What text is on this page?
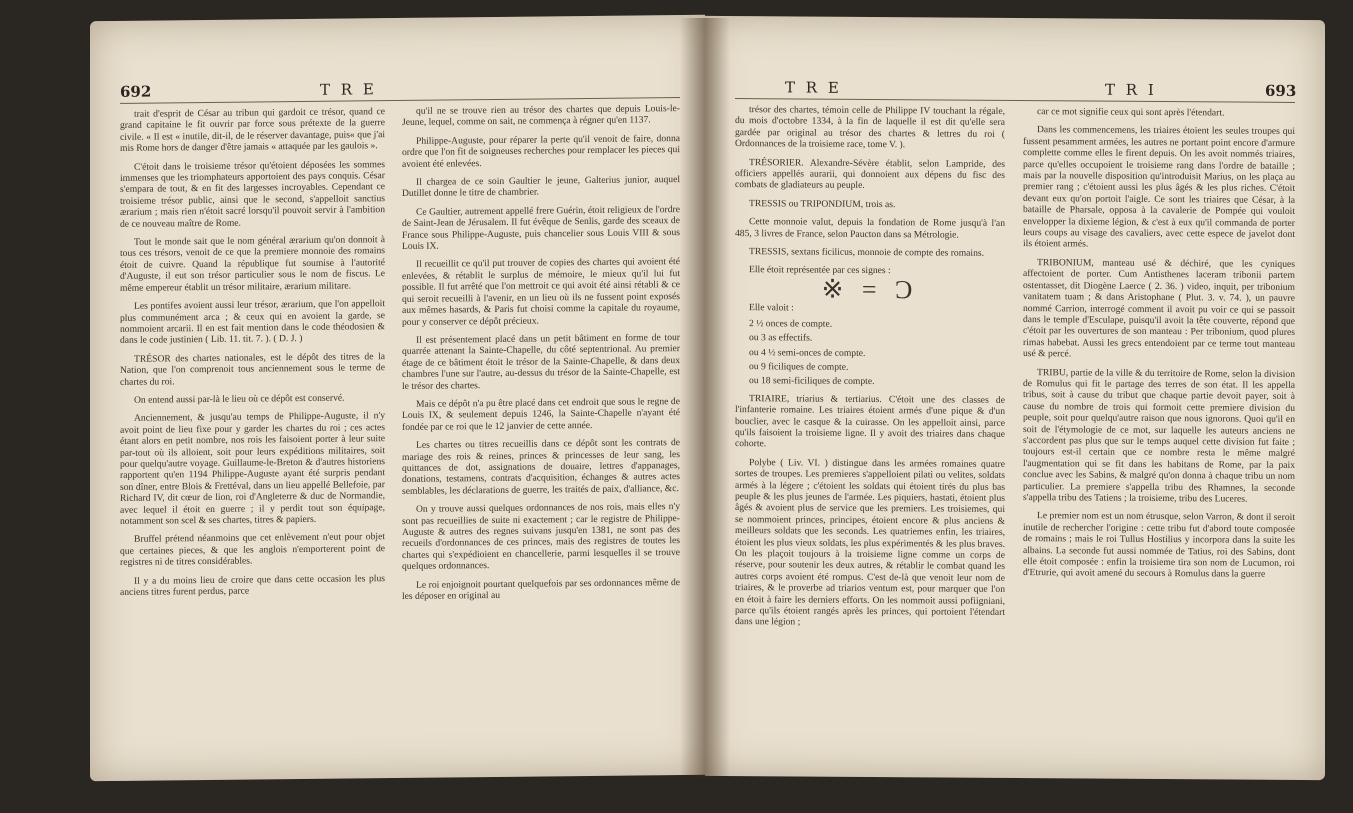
692	T R E

trait d'esprit de César au tribun qui gardoit ce trésor, quand ce grand capitaine le fit ouvrir par force sous prétexte de la guerre civile. « Il est « inutile, dit-il, de le réserver davantage, puis« que j'ai mis Rome hors de danger d'être jamais « attaquée par les gaulois ».

C'étoit dans le troisieme trésor qu'étoient déposées les sommes immenses que les triomphateurs apportoient des pays conquis. César s'empara de tout, & en fit des largesses incroyables. Cependant ce troisieme trésor public, ainsi que le second, s'appelloit sanctius ærarium ; mais rien n'étoit sacré lorsqu'il pouvoit servir à l'ambition de ce nouveau maître de Rome.

Tout le monde sait que le nom général ærarium qu'on donnoit à tous ces trésors, venoit de ce que la premiere monnoie des romains étoit de cuivre. Quand la république fut soumise à l'autorité d'Auguste, il eut son trésor particulier sous le nom de fiscus. Le même empereur établit un trésor militaire, ærarium militare.

Les pontifes avoient aussi leur trésor, ærarium, que l'on appelloit plus communément arca ; & ceux qui en avoient la garde, se nommoient arcarii. Il en est fait mention dans le code théodosien & dans le code justinien ( Lib. 11. tit. 7. ). ( D. J. )

TRÉSOR des chartes nationales, est le dépôt des titres de la Nation, que l'on comprenoit tous anciennement sous le terme de chartes du roi.

On entend aussi par-là le lieu où ce dépôt est conservé.

Anciennement, & jusqu'au temps de Philippe-Auguste, il n'y avoit point de lieu fixe pour y garder les chartes du roi ; ces actes étant alors en petit nombre, nos rois les faisoient porter à leur suite par-tout où ils alloient, soit pour leurs expéditions militaires, soit pour quelqu'autre voyage. Guillaume-le-Breton & d'autres historiens rapportent qu'en 1194 Philippe-Auguste ayant été surpris pendant son dîner, entre Blois & Frettéval, dans un lieu appellé Bellefoie, par Richard IV, dit cœur de lion, roi d'Angleterre & duc de Normandie, avec lequel il étoit en guerre ; il y perdit tout son équipage, notamment son scel & ses chartes, titres & papiers.

Bruffel prétend néanmoins que cet enlèvement n'eut pour objet que certaines pieces, & que les anglois n'emporterent point de registres ni de titres considérables.

Il y a du moins lieu de croire que dans cette occasion les plus anciens titres furent perdus, parce

qu'il ne se trouve rien au trésor des chartes que depuis Louis-le-Jeune, lequel, comme on sait, ne commença à régner qu'en 1137.

Philippe-Auguste, pour réparer la perte qu'il venoit de faire, donna ordre que l'on fit de soigneuses recherches pour remplacer les pieces qui avoient été enlevées.

Il chargea de ce soin Gaultier le jeune, Galterius junior, auquel Dutillet donne le titre de chambrier.

Ce Gaultier, autrement appellé frere Guérin, étoit religieux de l'ordre de Saint-Jean de Jérusalem. Il fut évêque de Senlis, garde des sceaux de France sous Philippe-Auguste, puis chancelier sous Louis VIII & sous Louis IX.

Il recueillit ce qu'il put trouver de copies des chartes qui avoient été enlevées, & rétablit le surplus de mémoire, le mieux qu'il lui fut possible. Il fut arrêté que l'on mettroit ce qui avoit été ainsi rétabli & ce qui seroit recueilli à l'avenir, en un lieu où ils ne fussent point exposés aux mêmes hasards, & Paris fut choisi comme la capitale du royaume, pour y conserver ce dépôt précieux.

Il est présentement placé dans un petit bâtiment en forme de tour quarrée attenant la Sainte-Chapelle, du côté septentrional. Au premier étage de ce bâtiment étoit le trésor de la Sainte-Chapelle, & dans deux chambres l'une sur l'autre, au-dessus du trésor de la Sainte-Chapelle, est le trésor des chartes.

Mais ce dépôt n'a pu être placé dans cet endroit que sous le regne de Louis IX, & seulement depuis 1246, la Sainte-Chapelle n'ayant été fondée par ce roi que le 12 janvier de cette année.

Les chartes ou titres recueillis dans ce dépôt sont les contrats de mariage des rois & reines, princes & princesses de leur sang, les quittances de dot, assignations de douaire, lettres d'appanages, donations, testamens, contrats d'acquisition, échanges & autres actes semblables, les déclarations de guerre, les traités de paix, d'alliance, &c.

On y trouve aussi quelques ordonnances de nos rois, mais elles n'y sont pas recueillies de suite ni exactement ; car le registre de Philippe-Auguste & autres des regnes suivans jusqu'en 1381, ne sont pas des recueils d'ordonnances de ces princes, mais des registres de toutes les chartes qui s'expédioient en chancellerie, parmi lesquelles il se trouve quelques ordonnances.

Le roi enjoignoit pourtant quelquefois par ses ordonnances même de les déposer en original au

T R E	T R I	693

trésor des chartes, témoin celle de Philippe IV touchant la régale, du mois d'octobre 1334, à la fin de laquelle il est dit qu'elle sera gardée par original au trésor des chartes & lettres du roi ( Ordonnances de la troisieme race, tome V. ).

TRÉSORIER. Alexandre-Sévère établit, selon Lampride, des officiers appellés aurarii, qui donnoient aux dépens du fisc des combats de gladiateurs au peuple.

TRESSIS ou TRIPONDIUM, trois as.

Cette monnoie valut, depuis la fondation de Rome jusqu'à l'an 485, 3 livres de France, selon Paucton dans sa Métrologie.

TRESSIS, sextans ficilicus, monnoie de compte des romains.

Elle étoit représentée par ces signes :

※ = Ɔ

Elle valoit :

2 ½ onces de compte.

ou 3 as effectifs.

ou 4 ½ semi-onces de compte.

ou 9 ficiliques de compte.

ou 18 semi-ficiliques de compte.

TRIAIRE, triarius & tertiarius. C'étoit une des classes de l'infanterie romaine. Les triaires étoient armés d'une pique & d'un bouclier, avec le casque & la cuirasse. On les appelloit ainsi, parce qu'ils faisoient la troisieme ligne. Il y avoit des triaires dans chaque cohorte.

Polybe ( Liv. VI. ) distingue dans les armées romaines quatre sortes de troupes. Les premieres s'appelloient pilati ou velites, soldats armés à la légere ; c'étoient les soldats qui étoient tirés du plus bas peuple & les plus jeunes de l'armée. Les piquiers, hastati, étoient plus âgés & avoient plus de service que les premiers. Les troisiemes, qui se nommoient princes, principes, étoient encore & plus anciens & meilleurs soldats que les seconds. Les quatriemes enfin, les triaires, étoient les plus vieux soldats, les plus expérimentés & les plus braves. On les plaçoit toujours à la troisieme ligne comme un corps de réserve, pour soutenir les deux autres, & rétablir le combat quand les autres corps avoient été rompus. C'est de-là que venoit leur nom de triaires, & le proverbe ad triarios ventum est, pour marquer que l'on en étoit à faire les derniers efforts. On les nommoit aussi pofiigniani, parce qu'ils étoient rangés après les princes, qui portoient l'étendart dans une légion ;

car ce mot signifie ceux qui sont après l'étendart.

Dans les commencemens, les triaires étoient les seules troupes qui fussent pesamment armées, les autres ne portant point encore d'armure complette comme elles le firent depuis. On les avoit nommés triaires, parce qu'elles occupoient le troisieme rang dans l'ordre de bataille ; mais par la nouvelle disposition qu'introduisit Marius, on les plaça au premier rang ; c'étoient aussi les plus âgés & les plus riches. C'étoit devant eux qu'on portoit l'aigle. Ce sont les triaires que César, à la bataille de Pharsale, opposa à la cavalerie de Pompée qui vouloit envelopper la dixieme légion, & c'est à eux qu'il commanda de porter leurs coups au visage des cavaliers, avec cette espece de javelot dont ils étoient armés.

TRIBONIUM, manteau usé & déchiré, que les cyniques affectoient de porter. Cum Antisthenes laceram tribonii partem ostentasset, dit Diogène Laerce ( 2. 36. ) video, inquit, per tribonium vanitatem tuam ; & dans Aristophane ( Plut. 3. v. 74. ), un pauvre nommé Carrion, interrogé comment il avoit pu voir ce qui se passoit dans le temple d'Esculape, puisqu'il avoit la tête couverte, répond que c'étoit par les ouvertures de son manteau : Per tribonium, quod plures rimas habebat. Aussi les grecs entendoient par ce terme tout manteau usé & percé.

TRIBU, partie de la ville & du territoire de Rome, selon la division de Romulus qui fit le partage des terres de son état. Il les appella tribus, soit à cause du tribut que chaque partie devoit payer, soit à cause du nombre de trois qui formoit cette premiere division du peuple, soit pour quelqu'autre raison que nous ignorons. Quoi qu'il en soit de l'étymologie de ce mot, sur laquelle les auteurs anciens ne s'accordent pas plus que sur le temps auquel cette division fut faite ; toujours est-il certain que ce nombre resta le même malgré l'augmentation qui se fit dans les habitans de Rome, par la paix conclue avec les Sabins, & malgré qu'on donna à chaque tribu un nom particulier. La premiere s'appella tribu des Rhamnes, la seconde s'appella tribu des Tatiens ; la troisieme, tribu des Luceres.

Le premier nom est un nom étrusque, selon Varron, & dont il seroit inutile de rechercher l'origine : cette tribu fut d'abord toute composée de romains ; mais le roi Tullus Hostilius y incorpora dans la suite les albains. La seconde fut aussi nommée de Tatius, roi des Sabins, dont elle étoit composée : enfin la troisieme tira son nom de Lucumon, roi d'Etrurie, qui avoit amené du secours à Romulus dans la guerre
